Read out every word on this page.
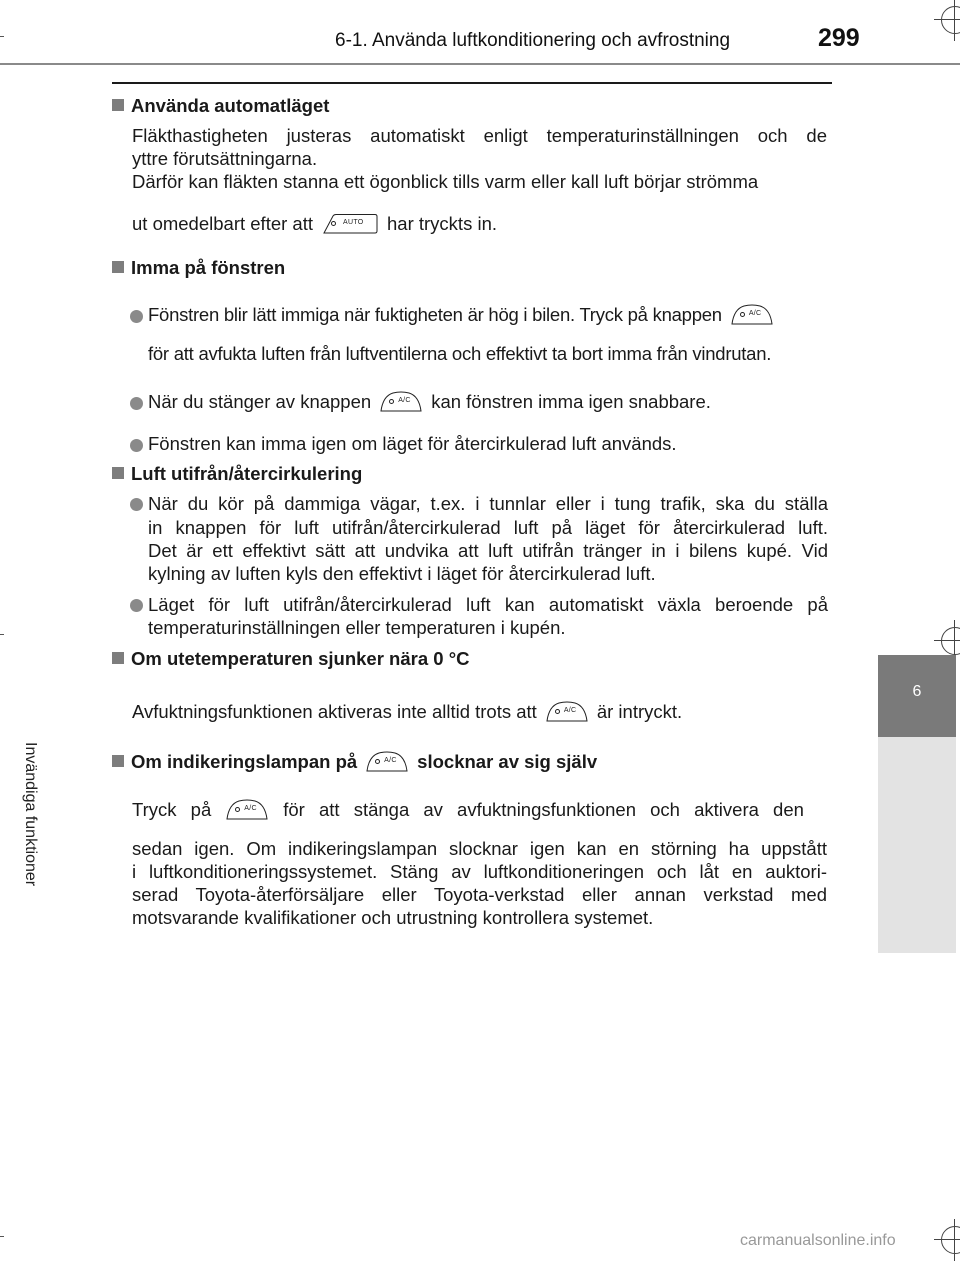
6-1. Använda luftkonditionering och avfrostning	299
6
Invändiga funktioner
Använda automatläget
Fläkthastigheten justeras automatiskt enligt temperaturinställningen och de
yttre förutsättningarna.
Därför kan fläkten stanna ett ögonblick tills varm eller kall luft börjar strömma
ut omedelbart efter att	AUTO har tryckts in.
Imma på fönstren
Fönstren blir lätt immiga när fuktigheten är hög i bilen. Tryck på knappen	A/C
för att avfukta luften från luftventilerna och effektivt ta bort imma från vindrutan.
När du stänger av knappen	A/C kan fönstren imma igen snabbare.
Fönstren kan imma igen om läget för återcirkulerad luft används.
Luft utifrån/återcirkulering
När du kör på dammiga vägar, t.ex. i tunnlar eller i tung trafik, ska du ställa
in knappen för luft utifrån/återcirkulerad luft på läget för återcirkulerad luft.
Det är ett effektivt sätt att undvika att luft utifrån tränger in i bilens kupé. Vid
kylning av luften kyls den effektivt i läget för återcirkulerad luft.
Läget för luft utifrån/återcirkulerad luft kan automatiskt växla beroende på
temperaturinställningen eller temperaturen i kupén.
Om utetemperaturen sjunker nära 0 °C
Avfuktningsfunktionen aktiveras inte alltid trots att	A/C är intryckt.
Om indikeringslampan på	A/C slocknar av sig själv
Tryck på	A/C för att stänga av avfuktningsfunktionen och aktivera den
sedan igen. Om indikeringslampan slocknar igen kan en störning ha uppstått
i luftkonditioneringssystemet. Stäng av luftkonditioneringen och låt en auktori-
serad Toyota-återförsäljare eller Toyota-verkstad eller annan verkstad med
motsvarande kvalifikationer och utrustning kontrollera systemet.
carmanualsonline.info
